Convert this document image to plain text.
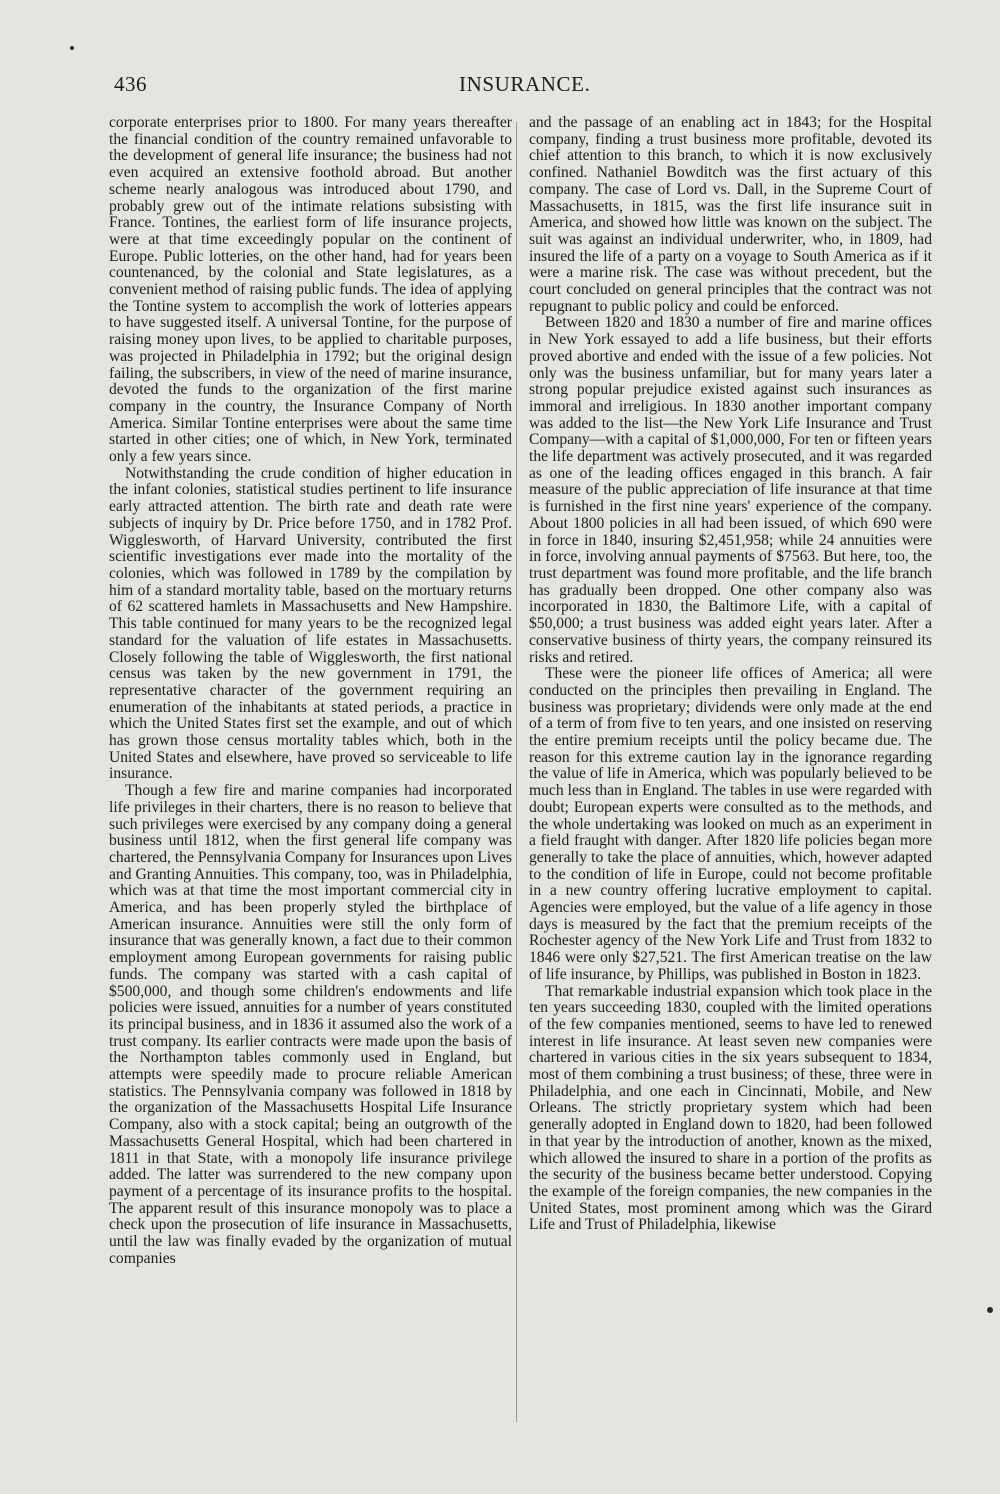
436	INSURANCE.

corporate enterprises prior to 1800. For many years thereafter the financial condition of the country remained unfavorable to the development of general life insurance; the business had not even acquired an extensive foothold abroad. But another scheme nearly analogous was introduced about 1790, and probably grew out of the intimate relations subsisting with France. Tontines, the earliest form of life insurance projects, were at that time exceedingly popular on the continent of Europe. Public lotteries, on the other hand, had for years been countenanced, by the colonial and State legislatures, as a convenient method of raising public funds. The idea of applying the Tontine system to accomplish the work of lotteries appears to have suggested itself. A universal Tontine, for the purpose of raising money upon lives, to be applied to charitable purposes, was projected in Philadelphia in 1792; but the original design failing, the subscribers, in view of the need of marine insurance, devoted the funds to the organization of the first marine company in the country, the Insurance Company of North America. Similar Tontine enterprises were about the same time started in other cities; one of which, in New York, terminated only a few years since.

Notwithstanding the crude condition of higher education in the infant colonies, statistical studies pertinent to life insurance early attracted attention. The birth rate and death rate were subjects of inquiry by Dr. Price before 1750, and in 1782 Prof. Wigglesworth, of Harvard University, contributed the first scientific investigations ever made into the mortality of the colonies, which was followed in 1789 by the compilation by him of a standard mortality table, based on the mortuary returns of 62 scattered hamlets in Massachusetts and New Hampshire. This table continued for many years to be the recognized legal standard for the valuation of life estates in Massachusetts. Closely following the table of Wigglesworth, the first national census was taken by the new government in 1791, the representative character of the government requiring an enumeration of the inhabitants at stated periods, a practice in which the United States first set the example, and out of which has grown those census mortality tables which, both in the United States and elsewhere, have proved so serviceable to life insurance.

Though a few fire and marine companies had incorporated life privileges in their charters, there is no reason to believe that such privileges were exercised by any company doing a general business until 1812, when the first general life company was chartered, the Pennsylvania Company for Insurances upon Lives and Granting Annuities. This company, too, was in Philadelphia, which was at that time the most important commercial city in America, and has been properly styled the birthplace of American insurance. Annuities were still the only form of insurance that was generally known, a fact due to their common employment among European governments for raising public funds. The company was started with a cash capital of $500,000, and though some children's endowments and life policies were issued, annuities for a number of years constituted its principal business, and in 1836 it assumed also the work of a trust company. Its earlier contracts were made upon the basis of the Northampton tables commonly used in England, but attempts were speedily made to procure reliable American statistics. The Pennsylvania company was followed in 1818 by the organization of the Massachusetts Hospital Life Insurance Company, also with a stock capital; being an outgrowth of the Massachusetts General Hospital, which had been chartered in 1811 in that State, with a monopoly life insurance privilege added. The latter was surrendered to the new company upon payment of a percentage of its insurance profits to the hospital. The apparent result of this insurance monopoly was to place a check upon the prosecution of life insurance in Massachusetts, until the law was finally evaded by the organization of mutual companies

and the passage of an enabling act in 1843; for the Hospital company, finding a trust business more profitable, devoted its chief attention to this branch, to which it is now exclusively confined. Nathaniel Bowditch was the first actuary of this company. The case of Lord vs. Dall, in the Supreme Court of Massachusetts, in 1815, was the first life insurance suit in America, and showed how little was known on the subject. The suit was against an individual underwriter, who, in 1809, had insured the life of a party on a voyage to South America as if it were a marine risk. The case was without precedent, but the court concluded on general principles that the contract was not repugnant to public policy and could be enforced.

Between 1820 and 1830 a number of fire and marine offices in New York essayed to add a life business, but their efforts proved abortive and ended with the issue of a few policies. Not only was the business unfamiliar, but for many years later a strong popular prejudice existed against such insurances as immoral and irreligious. In 1830 another important company was added to the list—the New York Life Insurance and Trust Company—with a capital of $1,000,000, For ten or fifteen years the life department was actively prosecuted, and it was regarded as one of the leading offices engaged in this branch. A fair measure of the public appreciation of life insurance at that time is furnished in the first nine years' experience of the company. About 1800 policies in all had been issued, of which 690 were in force in 1840, insuring $2,451,958; while 24 annuities were in force, involving annual payments of $7563. But here, too, the trust department was found more profitable, and the life branch has gradually been dropped. One other company also was incorporated in 1830, the Baltimore Life, with a capital of $50,000; a trust business was added eight years later. After a conservative business of thirty years, the company reinsured its risks and retired.

These were the pioneer life offices of America; all were conducted on the principles then prevailing in England. The business was proprietary; dividends were only made at the end of a term of from five to ten years, and one insisted on reserving the entire premium receipts until the policy became due. The reason for this extreme caution lay in the ignorance regarding the value of life in America, which was popularly believed to be much less than in England. The tables in use were regarded with doubt; European experts were consulted as to the methods, and the whole undertaking was looked on much as an experiment in a field fraught with danger. After 1820 life policies began more generally to take the place of annuities, which, however adapted to the condition of life in Europe, could not become profitable in a new country offering lucrative employment to capital. Agencies were employed, but the value of a life agency in those days is measured by the fact that the premium receipts of the Rochester agency of the New York Life and Trust from 1832 to 1846 were only $27,521. The first American treatise on the law of life insurance, by Phillips, was published in Boston in 1823.

That remarkable industrial expansion which took place in the ten years succeeding 1830, coupled with the limited operations of the few companies mentioned, seems to have led to renewed interest in life insurance. At least seven new companies were chartered in various cities in the six years subsequent to 1834, most of them combining a trust business; of these, three were in Philadelphia, and one each in Cincinnati, Mobile, and New Orleans. The strictly proprietary system which had been generally adopted in England down to 1820, had been followed in that year by the introduction of another, known as the mixed, which allowed the insured to share in a portion of the profits as the security of the business became better understood. Copying the example of the foreign companies, the new companies in the United States, most prominent among which was the Girard Life and Trust of Philadelphia, likewise
